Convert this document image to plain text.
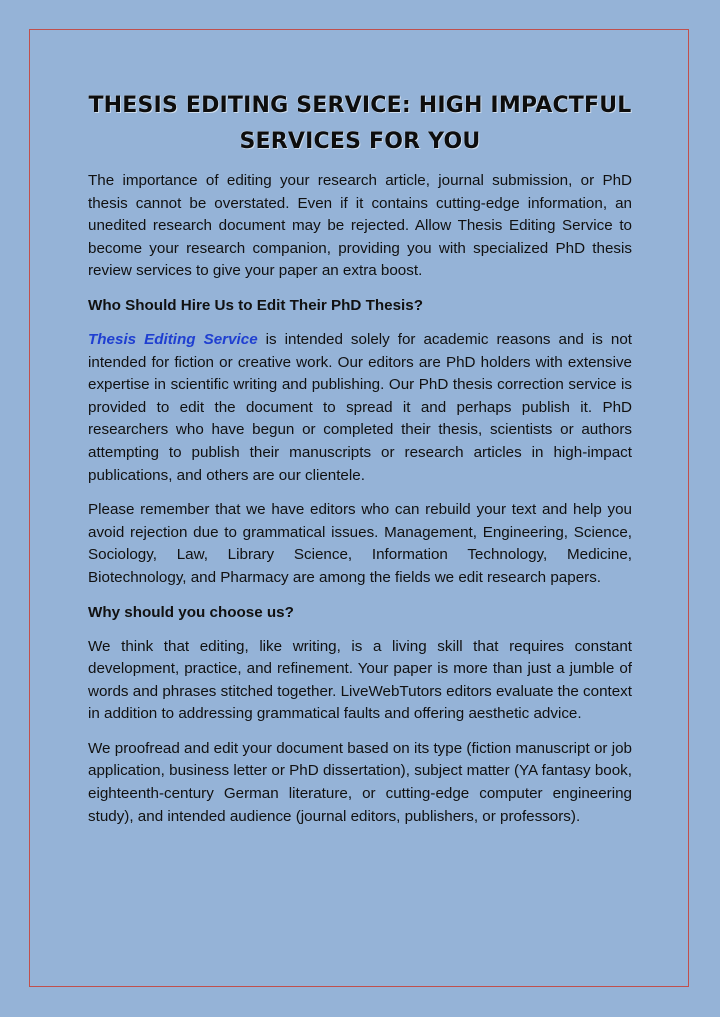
THESIS EDITING SERVICE: HIGH IMPACTFUL
SERVICES FOR YOU

The importance of editing your research article, journal submission, or PhD thesis cannot be overstated. Even if it contains cutting-edge information, an unedited research document may be rejected. Allow Thesis Editing Service to become your research companion, providing you with specialized PhD thesis review services to give your paper an extra boost.

Who Should Hire Us to Edit Their PhD Thesis?

Thesis Editing Service is intended solely for academic reasons and is not intended for fiction or creative work. Our editors are PhD holders with extensive expertise in scientific writing and publishing. Our PhD thesis correction service is provided to edit the document to spread it and perhaps publish it. PhD researchers who have begun or completed their thesis, scientists or authors attempting to publish their manuscripts or research articles in high-impact publications, and others are our clientele.

Please remember that we have editors who can rebuild your text and help you avoid rejection due to grammatical issues. Management, Engineering, Science, Sociology, Law, Library Science, Information Technology, Medicine, Biotechnology, and Pharmacy are among the fields we edit research papers.

Why should you choose us?

We think that editing, like writing, is a living skill that requires constant development, practice, and refinement. Your paper is more than just a jumble of words and phrases stitched together. LiveWebTutors editors evaluate the context in addition to addressing grammatical faults and offering aesthetic advice.

We proofread and edit your document based on its type (fiction manuscript or job application, business letter or PhD dissertation), subject matter (YA fantasy book, eighteenth-century German literature, or cutting-edge computer engineering study), and intended audience (journal editors, publishers, or professors).
